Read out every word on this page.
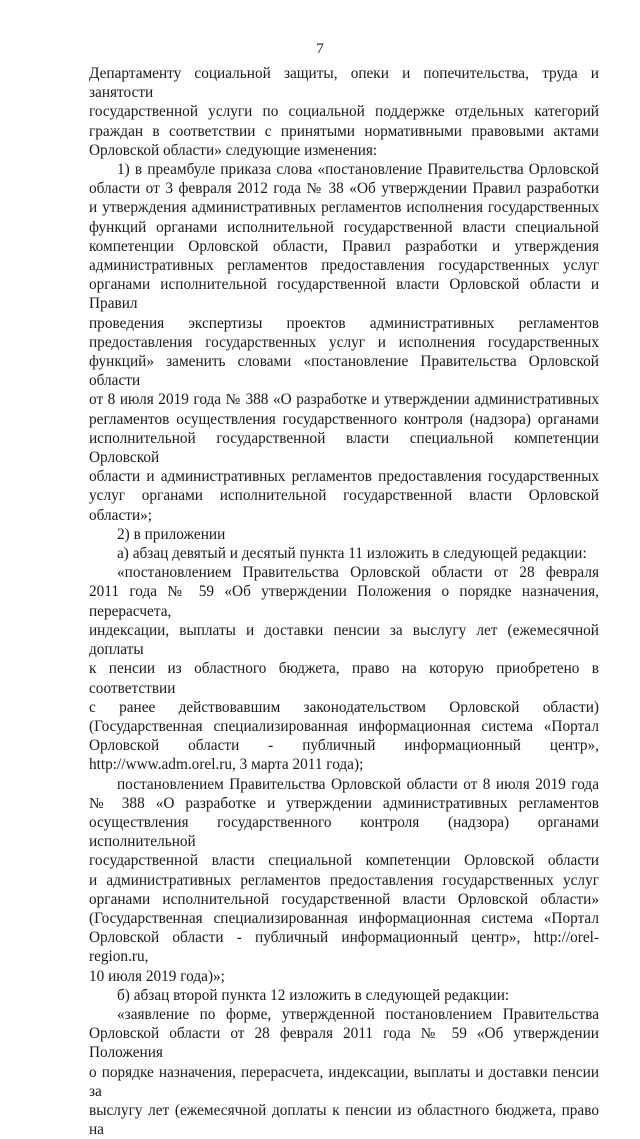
7

Департаменту социальной защиты, опеки и попечительства, труда и занятости

государственной услуги по социальной поддержке отдельных категорий

граждан в соответствии с принятыми нормативными правовыми актами

Орловской области» следующие изменения:

1) в преамбуле приказа слова «постановление Правительства Орловской

области от 3 февраля 2012 года № 38 «Об утверждении Правил разработки

и утверждения административных регламентов исполнения государственных

функций органами исполнительной государственной власти специальной

компетенции Орловской области, Правил разработки и утверждения

административных регламентов предоставления государственных услуг

органами исполнительной государственной власти Орловской области и Правил

проведения экспертизы проектов административных регламентов

предоставления государственных услуг и исполнения государственных

функций» заменить словами «постановление Правительства Орловской области

от 8 июля 2019 года № 388 «О разработке и утверждении административных

регламентов осуществления государственного контроля (надзора) органами

исполнительной государственной власти специальной компетенции Орловской

области и административных регламентов предоставления государственных

услуг органами исполнительной государственной власти Орловской области»;

2) в приложении

а) абзац девятый и десятый пункта 11 изложить в следующей редакции:

«постановлением Правительства Орловской области от 28 февраля

2011 года № 59 «Об утверждении Положения о порядке назначения, перерасчета,

индексации, выплаты и доставки пенсии за выслугу лет (ежемесячной доплаты

к пенсии из областного бюджета, право на которую приобретено в соответствии

с ранее действовавшим законодательством Орловской области)

(Государственная специализированная информационная система «Портал

Орловской области - публичный информационный центр»,

http://www.adm.orel.ru, 3 марта 2011 года);

постановлением Правительства Орловской области от 8 июля 2019 года

№ 388 «О разработке и утверждении административных регламентов

осуществления государственного контроля (надзора) органами исполнительной

государственной власти специальной компетенции Орловской области

и административных регламентов предоставления государственных услуг

органами исполнительной государственной власти Орловской области»

(Государственная специализированная информационная система «Портал

Орловской области - публичный информационный центр», http://orel-region.ru,

10 июля 2019 года)»;

б) абзац второй пункта 12 изложить в следующей редакции:

«заявление по форме, утвержденной постановлением Правительства

Орловской области от 28 февраля 2011 года № 59 «Об утверждении Положения

о порядке назначения, перерасчета, индексации, выплаты и доставки пенсии за

выслугу лет (ежемесячной доплаты к пенсии из областного бюджета, право на
